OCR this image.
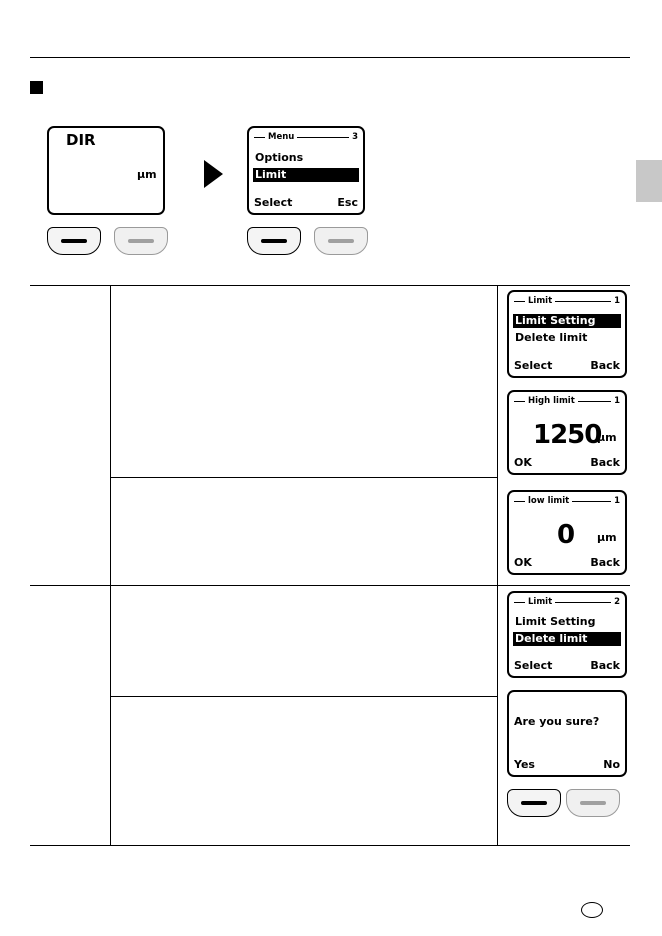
DIR
µm
Menu	3
Options
Limit
Select	Esc
Limit	1
Limit Setting
Delete limit
Select	Back
High limit	1
1250
µm
OK	Back
low limit	1
0 µm
OK	Back
Limit	2
Limit Setting
Delete limit
Select	Back
Are you sure?
Yes	No
